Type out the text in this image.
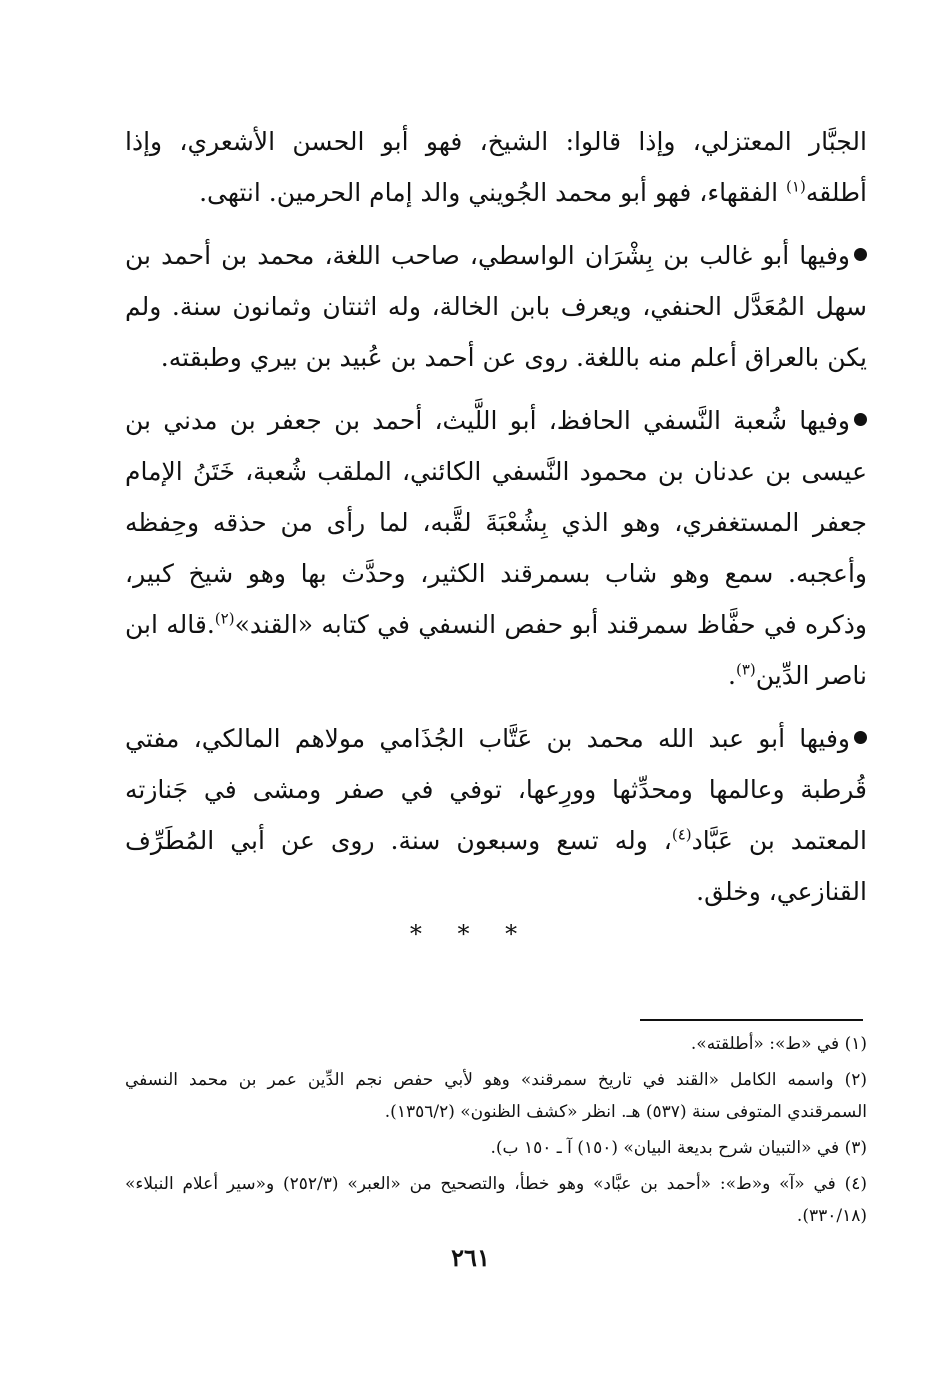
الجبَّار المعتزلي، وإذا قالوا: الشيخ، فهو أبو الحسن الأشعري، وإذا أطلقه$^{(١)}$ الفقهاء، فهو أبو محمد الجُويني والد إمام الحرمين. انتهى.

وفيها أبو غالب بن بِشْرَان الواسطي، صاحب اللغة، محمد بن أحمد بن سهل المُعَدَّل الحنفي، ويعرف بابن الخالة، وله اثنتان وثمانون سنة. ولم يكن بالعراق أعلم منه باللغة. روى عن أحمد بن عُبيد بن بيري وطبقته.

وفيها شُعبة النَّسفي الحافظ، أبو اللَّيث، أحمد بن جعفر بن مدني بن عيسى بن عدنان بن محمود النَّسفي الكائني، الملقب شُعبة، خَتَنُ الإمام جعفر المستغفري، وهو الذي بِشُعْبَةَ لقَّبه، لما رأى من حذقه وحِفظه وأعجبه. سمع وهو شاب بسمرقند الكثير، وحدَّث بها وهو شيخ كبير، وذكره في حفَّاظ سمرقند أبو حفص النسفي في كتابه «القند»$^{(٢)}$.قاله ابن ناصر الدِّين$^{(٣)}$.

وفيها أبو عبد الله محمد بن عَتَّاب الجُذَامي مولاهم المالكي، مفتي قُرطبة وعالمها ومحدِّثها وورِعها، توفي في صفر ومشى في جَنازته المعتمد بن عَبَّاد$^{(٤)}$، وله تسع وسبعون سنة. روى عن أبي المُطَرِّف القنازعي، وخلق.

* * *

(١) في «ط»: «أطلقته».

(٢) واسمه الكامل «القند في تاريخ سمرقند» وهو لأبي حفص نجم الدِّين عمر بن محمد النسفي السمرقندي المتوفى سنة (٥٣٧) هـ. انظر «كشف الظنون» (١٣٥٦/٢).

(٣) في «التبيان شرح بديعة البيان» (١٥٠) آ ـ ١٥٠ ب).

(٤) في «آ» و«ط»: «أحمد بن عبَّاد» وهو خطأ، والتصحيح من «العبر» (٢٥٢/٣) و«سير أعلام النبلاء» (٣٣٠/١٨).

٢٦١
